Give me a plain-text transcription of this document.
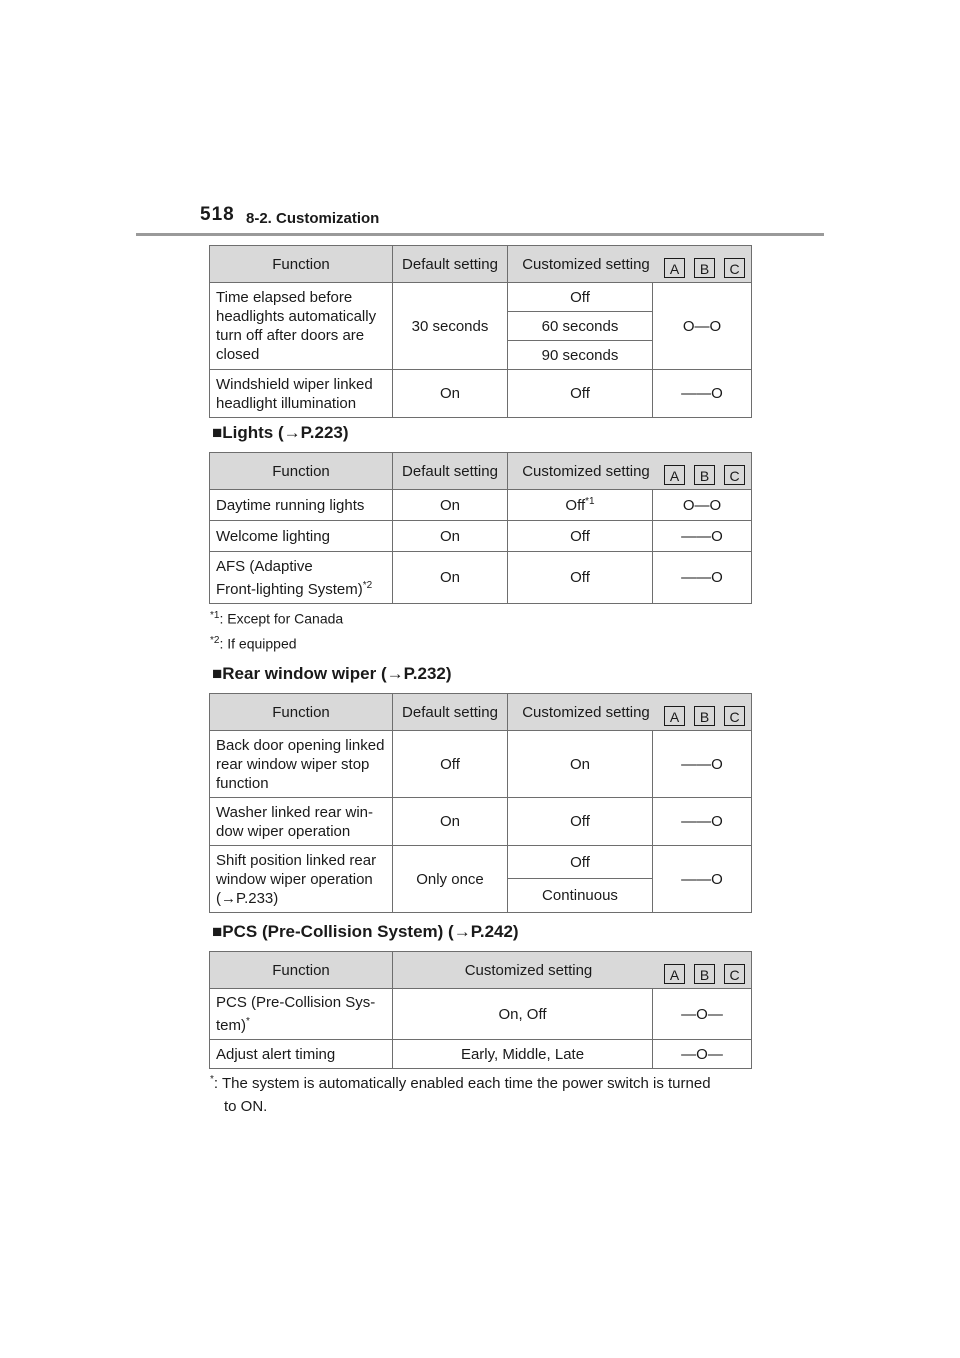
518 8-2. Customization
Function	Default setting	Customized setting A B C	

Time elapsed before headlights automatically turn off after doors are closed	30 seconds	Off	O—O
		60 seconds	
		90 seconds	
Windshield wiper linked headlight illumination	On	Off	——O
■Lights (→P.223)
Function	Default setting	Customized setting A B C	

Daytime running lights	On	Off$^{*1}$	O—O
Welcome lighting	On	Off	——O
AFS (Adaptive
Front-lighting System)$^{*2}$	On	Off	——O
$^{*1}$: Except for Canada
$^{*2}$: If equipped
■Rear window wiper (→P.232)
Function	Default setting	Customized setting A B C	

Back door opening linked rear window wiper stop function	Off	On	——O
Washer linked rear win-dow wiper operation	On	Off	——O
Shift position linked rear window wiper operation (→P.233)	Only once	Off	——O
		Continuous	
■PCS (Pre-Collision System) (→P.242)
Function	Customized setting A B C	

PCS (Pre-Collision Sys-
tem)*	On, Off	—O—
Adjust alert timing	Early, Middle, Late	—O—
*: The system is automatically enabled each time the power switch is turned
to ON.
